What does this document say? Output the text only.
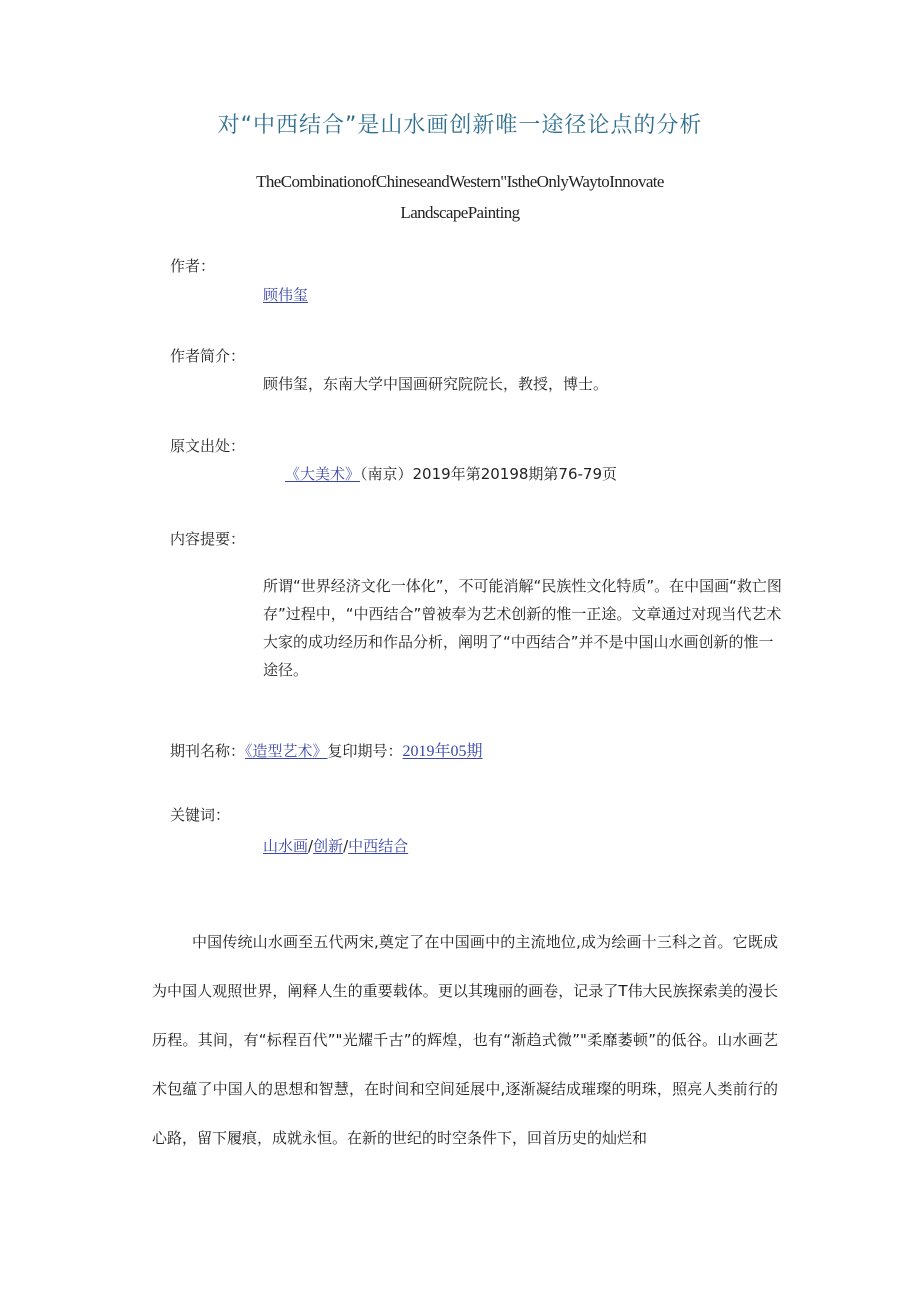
对“中西结合”是山水画创新唯一途径论点的分析
TheCombinationofChineseandWestern"IstheOnlyWaytoInnovate
LandscapePainting
作者：
顾伟玺
作者简介：
顾伟玺，东南大学中国画研究院院长，教授，博士。
原文出处：
《大美术》（南京）2019年第20198期第76-79页
内容提要：
所谓“世界经济文化一体化”，不可能消解“民族性文化特质”。在中国画“救亡图存”过程中，“中西结合”曾被奉为艺术创新的惟一正途。文章通过对现当代艺术大家的成功经历和作品分析，阐明了“中西结合”并不是中国山水画创新的惟一途径。
期刊名称：《造型艺术》复印期号：2019年05期
关键词：
山水画/创新/中西结合

中国传统山水画至五代两宋,奠定了在中国画中的主流地位,成为绘画十三科之首。它既成为中国人观照世界，阐释人生的重要载体。更以其瑰丽的画卷，记录了T伟大民族探索美的漫长历程。其间，有“标程百代”"光耀千古”的辉煌，也有“渐趋式微”"柔靡萎顿”的低谷。山水画艺术包蕴了中国人的思想和智慧，在时间和空间延展中,逐渐凝结成璀璨的明珠，照亮人类前行的心路，留下履痕，成就永恒。在新的世纪的时空条件下，回首历史的灿烂和
